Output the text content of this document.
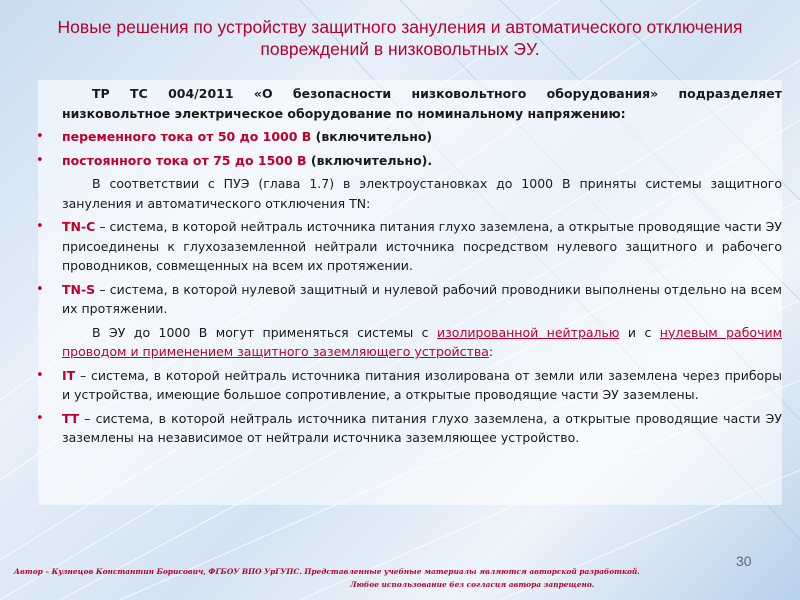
Новые решения по устройству защитного зануления и автоматического отключения повреждений в низковольтных ЭУ.

ТР ТС 004/2011 «О безопасности низковольтного оборудования» подразделяет низковольтное электрическое оборудование по номинальному напряжению:

• переменного тока от 50 до 1000 В (включительно)
• постоянного тока от 75 до 1500 В (включительно).

В соответствии с ПУЭ (глава 1.7) в электроустановках до 1000 В приняты системы защитного зануления и автоматического отключения TN:

• TN-С – система, в которой нейтраль источника питания глухо заземлена, а открытые проводящие части ЭУ присоединены к глухозаземленной нейтрали источника посредством нулевого защитного и рабочего проводников, совмещенных на всем их протяжении.
• TN-S – система, в которой нулевой защитный и нулевой рабочий проводники выполнены отдельно на всем их протяжении.

В ЭУ до 1000 В могут применяться системы с изолированной нейтралью и с нулевым рабочим проводом и применением защитного заземляющего устройства:

• IT – система, в которой нейтраль источника питания изолирована от земли или заземлена через приборы и устройства, имеющие большое сопротивление, а открытые проводящие части ЭУ заземлены.
• ТТ – система, в которой нейтраль источника питания глухо заземлена, а открытые проводящие части ЭУ заземлены на независимое от нейтрали источника заземляющее устройство.
30
Автор – Кузнецов Константин Борисович, ФГБОУ ВПО УрГУПС. Представленные учебные материалы являются авторской разработкой.
Любое использование без согласия автора запрещено.
